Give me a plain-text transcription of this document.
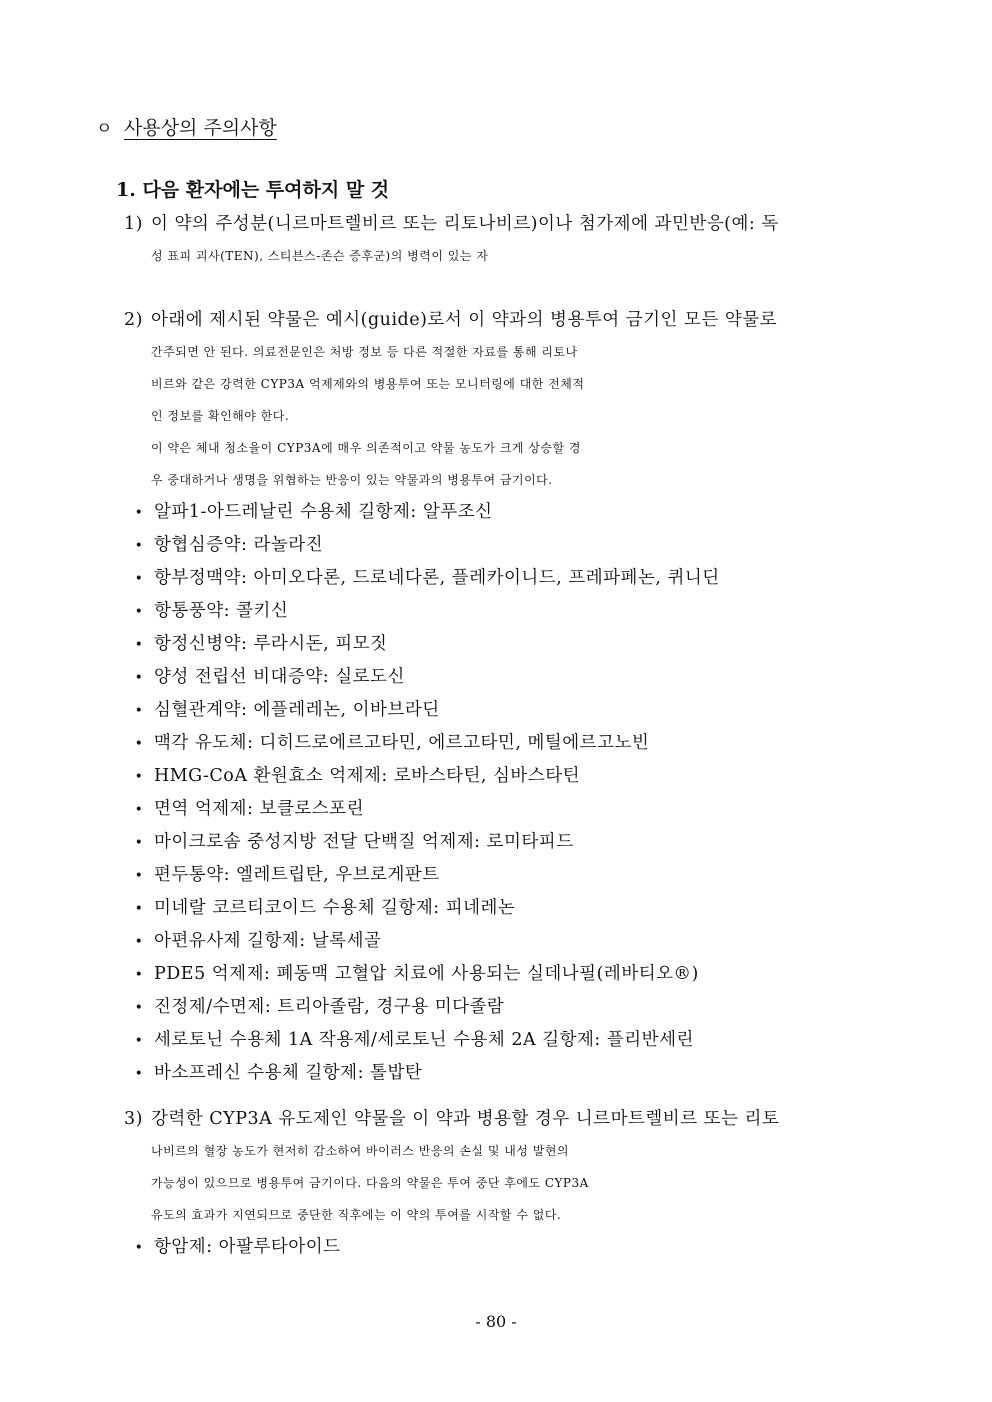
ㅇ 사용상의 주의사항
1. 다음 환자에는 투여하지 말 것
1) 이 약의 주성분(니르마트렐비르 또는 리토나비르)이나 첨가제에 과민반응(예: 독
성 표피 괴사(TEN), 스티븐스-존슨 증후군)의 병력이 있는 자
2) 아래에 제시된 약물은 예시(guide)로서 이 약과의 병용투여 금기인 모든 약물로
간주되면 안 된다. 의료전문인은 처방 정보 등 다른 적절한 자료를 통해 리토나
비르와 같은 강력한 CYP3A 억제제와의 병용투여 또는 모니터링에 대한 전체적
인 정보를 확인해야 한다.
이 약은 체내 청소율이 CYP3A에 매우 의존적이고 약물 농도가 크게 상승할 경
우 중대하거나 생명을 위협하는 반응이 있는 약물과의 병용투여 금기이다.
• 알파1-아드레날린 수용체 길항제: 알푸조신
• 항협심증약: 라놀라진
• 항부정맥약: 아미오다론, 드로네다론, 플레카이니드, 프레파페논, 퀴니딘
• 항통풍약: 콜키신
• 항정신병약: 루라시돈, 피모짓
• 양성 전립선 비대증약: 실로도신
• 심혈관계약: 에플레레논, 이바브라딘
• 맥각 유도체: 디히드로에르고타민, 에르고타민, 메틸에르고노빈
• HMG-CoA 환원효소 억제제: 로바스타틴, 심바스타틴
• 면역 억제제: 보클로스포린
• 마이크로솜 중성지방 전달 단백질 억제제: 로미타피드
• 편두통약: 엘레트립탄, 우브로게판트
• 미네랄 코르티코이드 수용체 길항제: 피네레논
• 아편유사제 길항제: 날록세골
• PDE5 억제제: 폐동맥 고혈압 치료에 사용되는 실데나필(레바티오®)
• 진정제/수면제: 트리아졸람, 경구용 미다졸람
• 세로토닌 수용체 1A 작용제/세로토닌 수용체 2A 길항제: 플리반세린
• 바소프레신 수용체 길항제: 톨밥탄
3) 강력한 CYP3A 유도제인 약물을 이 약과 병용할 경우 니르마트렐비르 또는 리토
나비르의 혈장 농도가 현저히 감소하여 바이러스 반응의 손실 및 내성 발현의
가능성이 있으므로 병용투여 금기이다. 다음의 약물은 투여 중단 후에도 CYP3A
유도의 효과가 지연되므로 중단한 직후에는 이 약의 투여를 시작할 수 없다.
• 항암제: 아팔루타아이드
- 80 -
